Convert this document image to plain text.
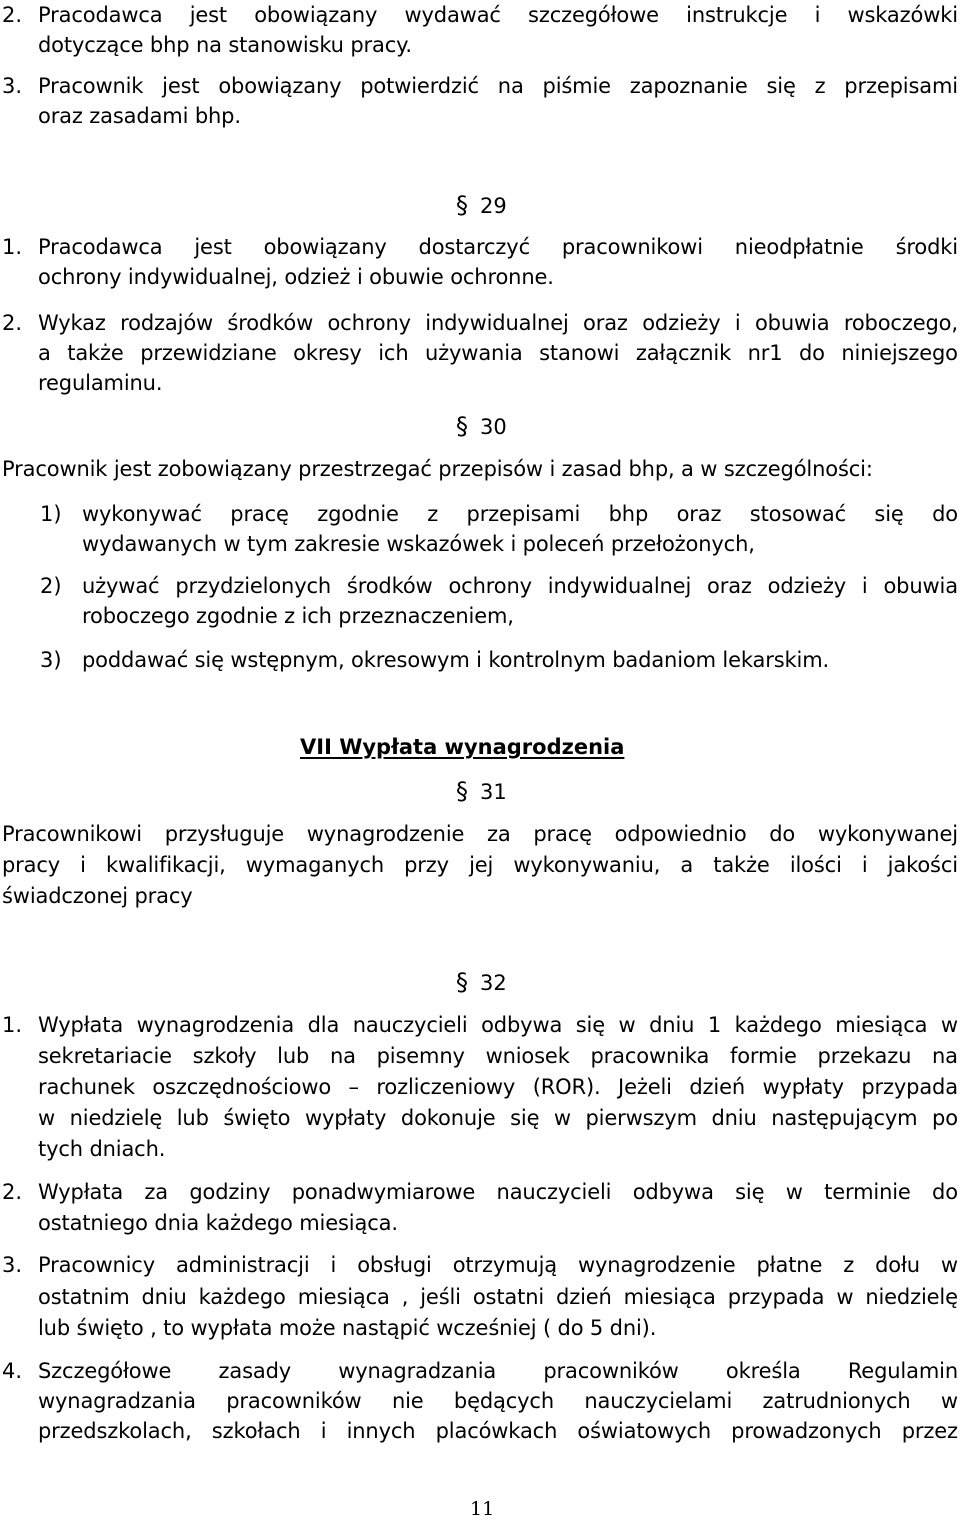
2. Pracodawca jest obowiązany wydawać szczegółowe instrukcje i wskazówki
dotyczące bhp na stanowisku pracy.
3. Pracownik jest obowiązany potwierdzić na piśmie zapoznanie się z przepisami
oraz zasadami bhp.
§ 29
1. Pracodawca jest obowiązany dostarczyć pracownikowi nieodpłatnie środki
ochrony indywidualnej, odzież i obuwie ochronne.
2. Wykaz rodzajów środków ochrony indywidualnej oraz odzieży i obuwia roboczego,
a także przewidziane okresy ich używania stanowi załącznik nr1 do niniejszego
regulaminu.
§ 30
Pracownik jest zobowiązany przestrzegać przepisów i zasad bhp, a w szczególności:
1) wykonywać pracę zgodnie z przepisami bhp oraz stosować się do
wydawanych w tym zakresie wskazówek i poleceń przełożonych,
2) używać przydzielonych środków ochrony indywidualnej oraz odzieży i obuwia
roboczego zgodnie z ich przeznaczeniem,
3) poddawać się wstępnym, okresowym i kontrolnym badaniom lekarskim.
VII Wypłata wynagrodzenia
§ 31
Pracownikowi przysługuje wynagrodzenie za pracę odpowiednio do wykonywanej
pracy i kwalifikacji, wymaganych przy jej wykonywaniu, a także ilości i jakości
świadczonej pracy
§ 32
1. Wypłata wynagrodzenia dla nauczycieli odbywa się w dniu 1 każdego miesiąca w
sekretariacie szkoły lub na pisemny wniosek pracownika formie przekazu na
rachunek oszczędnościowo – rozliczeniowy (ROR). Jeżeli dzień wypłaty przypada
w niedzielę lub święto wypłaty dokonuje się w pierwszym dniu następującym po
tych dniach.
2. Wypłata za godziny ponadwymiarowe nauczycieli odbywa się w terminie do
ostatniego dnia każdego miesiąca.
3. Pracownicy administracji i obsługi otrzymują wynagrodzenie płatne z dołu w
ostatnim dniu każdego miesiąca , jeśli ostatni dzień miesiąca przypada w niedzielę
lub święto , to wypłata może nastąpić wcześniej ( do 5 dni).
4. Szczegółowe zasady wynagradzania pracowników określa Regulamin
wynagradzania pracowników nie będących nauczycielami zatrudnionych w
przedszkolach, szkołach i innych placówkach oświatowych prowadzonych przez
11
